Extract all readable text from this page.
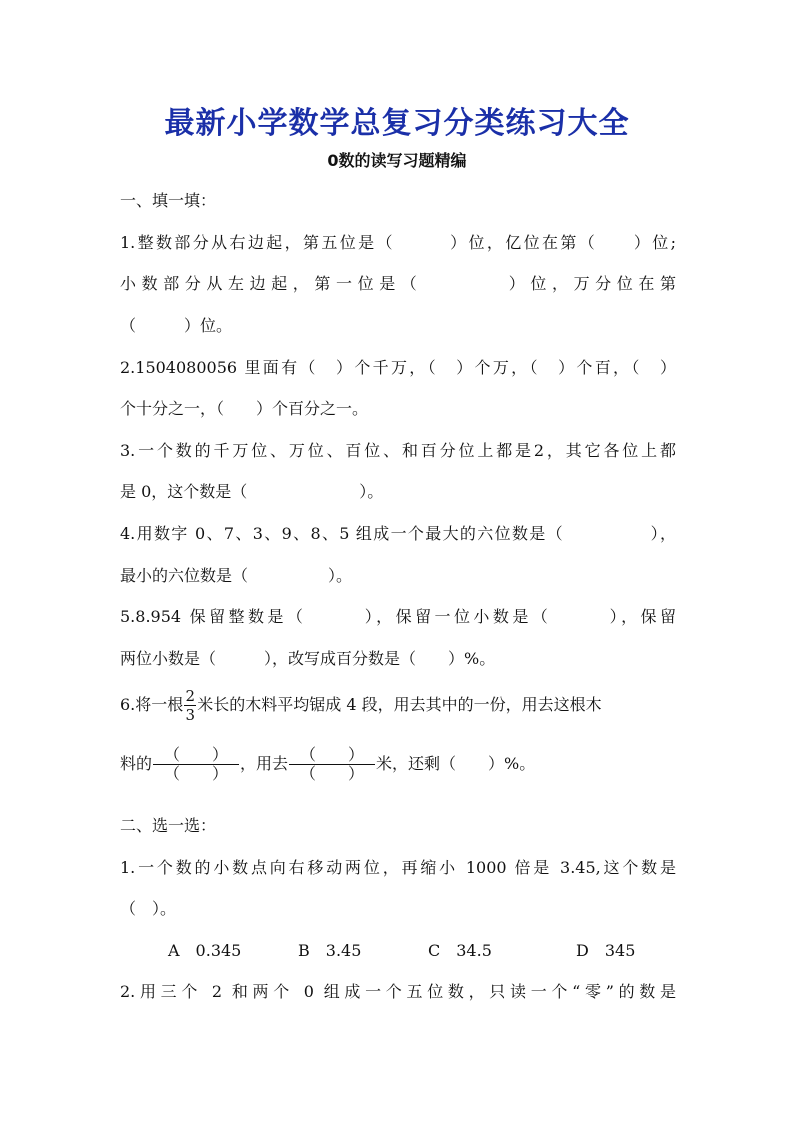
最新小学数学总复习分类练习大全
0数的读写习题精编
一、填一填：
1.整数部分从右边起，第五位是（　　　）位，亿位在第（　　）位;
小数部分从左边起，第一位是（　　　　）位，万分位在第
（　　　）位。
2.1504080056 里面有（　）个千万，（　）个万，（　）个百，（　）
个十分之一，（　　）个百分之一。
3.一个数的千万位、万位、百位、和百分位上都是2，其它各位上都
是 0，这个数是（　　　　　　　）。
4.用数字 0、7、3、9、8、5 组成一个最大的六位数是（　　　　　），
最小的六位数是（　　　　　）。
5.8.954 保留整数是（　　　），保留一位小数是（　　　），保留
两位小数是（　　　），改写成百分数是（　　）%。
6.将一根 $\frac{2}{3}$ 米长的木料平均锯成 4 段，用去其中的一份，用去这根木
料的 $\frac{( )}{( )}$ ，用去 $\frac{( )}{( )}$ 米，还剩（　　）%。
二、选一选：
1.一个数的小数点向右移动两位，再缩小 1000 倍是 3.45,这个数是
（　）。
A　0.345	B　3.45	C　34.5	D　345
2.用三个 2 和两个 0 组成一个五位数，只读一个“零”的数是
